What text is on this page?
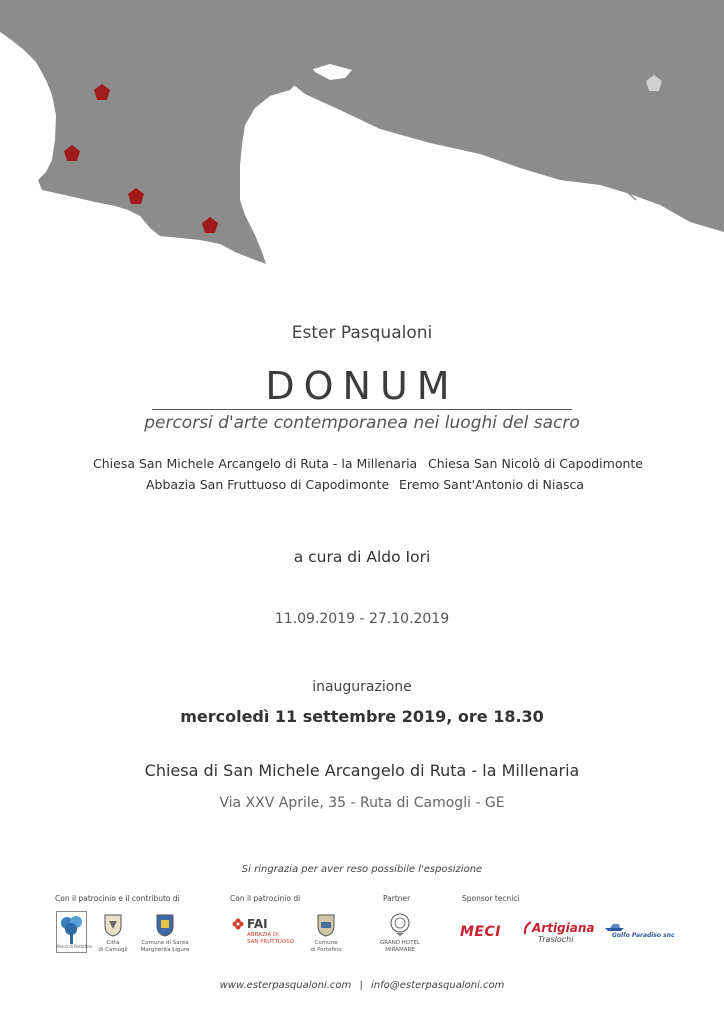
Ester Pasqualoni
DONUM
percorsi d'arte contemporanea nei luoghi del sacro
Chiesa San Michele Arcangelo di Ruta - la Millenaria Chiesa San Nicolò di Capodimonte
Abbazia San Fruttuoso di Capodimonte Eremo Sant'Antonio di Niasca
a cura di Aldo Iori
11.09.2019 - 27.10.2019
inaugurazione
mercoledì 11 settembre 2019, ore 18.30
Chiesa di San Michele Arcangelo di Ruta - la Millenaria
Via XXV Aprile, 35 - Ruta di Camogli - GE
Si ringrazia per aver reso possibile l'esposizione
Con il patrocinio e il contributo di	Con il patrocinio di	Partner	Sponsor tecnici
Parco di Portofino
Città
di Camogli
Comune di Santa
Margherita Ligure
FAI
ABBAZIA DI
SAN FRUTTUOSO	Comune
di Portofino
GRAND HOTEL
MIRAMARE
MECI	Artigiana
Traslochi	Golfo Paradiso snc
www.esterpasqualoni.com | info@esterpasqualoni.com
